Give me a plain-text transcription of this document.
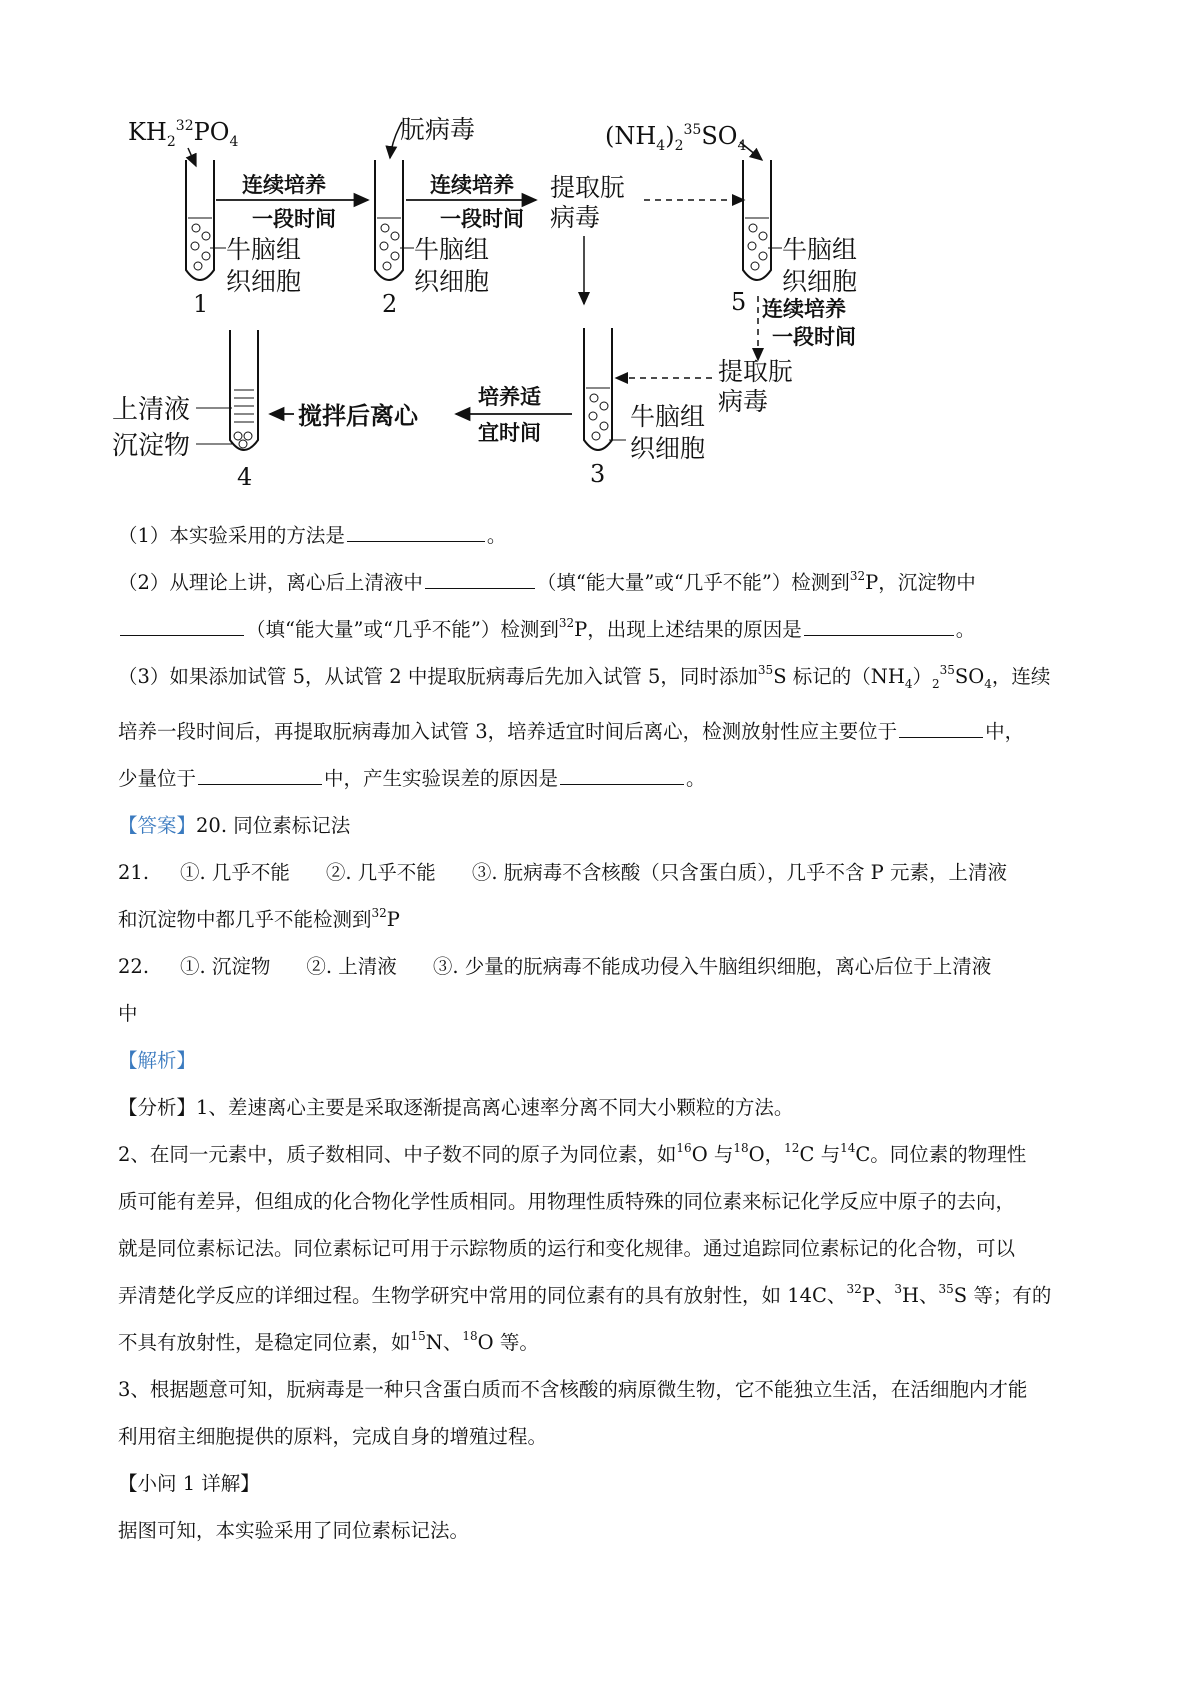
$KH_2^{32}PO_4$	朊病毒	$(NH_4)_2^{35}SO_4$
牛脑组
织细胞
1
连续培养
一段时间
牛脑组
织细胞
2
连续培养
一段时间
提取朊
病毒
牛脑组
织细胞
5 连续培养
一段时间
提取朊
病毒
牛脑组
织细胞
3
培养适
宜时间
搅拌后离心
上清液
沉淀物
4

（1）本实验采用的方法是	。

（2）从理论上讲，离心后上清液中	（填“能大量”或“几乎不能”）检测到$^{32}$P，沉淀物中

（填“能大量”或“几乎不能”）检测到$^{32}$P，出现上述结果的原因是	。

（3）如果添加试管 5，从试管 2 中提取朊病毒后先加入试管 5，同时添加$^{35}$S 标记的$(NH_4)_2^{35}SO_4$，连续

培养一段时间后，再提取朊病毒加入试管 3，培养适宜时间后离心，检测放射性应主要位于	中，

少量位于	中，产生实验误差的原因是	。

【答案】20. 同位素标记法

21. ①. 几乎不能 ②. 几乎不能 ③. 朊病毒不含核酸（只含蛋白质），几乎不含 P 元素，上清液

和沉淀物中都几乎不能检测到$^{32}$P

22. ①. 沉淀物 ②. 上清液 ③. 少量的朊病毒不能成功侵入牛脑组织细胞，离心后位于上清液

中

【解析】

【分析】1、差速离心主要是采取逐渐提高离心速率分离不同大小颗粒的方法。

2、在同一元素中，质子数相同、中子数不同的原子为同位素，如$^{16}$O 与$^{18}$O，$^{12}$C 与$^{14}$C。同位素的物理性

质可能有差异，但组成的化合物化学性质相同。用物理性质特殊的同位素来标记化学反应中原子的去向，

就是同位素标记法。同位素标记可用于示踪物质的运行和变化规律。通过追踪同位素标记的化合物，可以

弄清楚化学反应的详细过程。生物学研究中常用的同位素有的具有放射性，如 14C、$^{32}$P、$^3$H、$^{35}$S 等；有的

不具有放射性，是稳定同位素，如$^{15}$N、$^{18}$O 等。

3、根据题意可知，朊病毒是一种只含蛋白质而不含核酸的病原微生物，它不能独立生活，在活细胞内才能

利用宿主细胞提供的原料，完成自身的增殖过程。

【小问 1 详解】

据图可知，本实验采用了同位素标记法。
